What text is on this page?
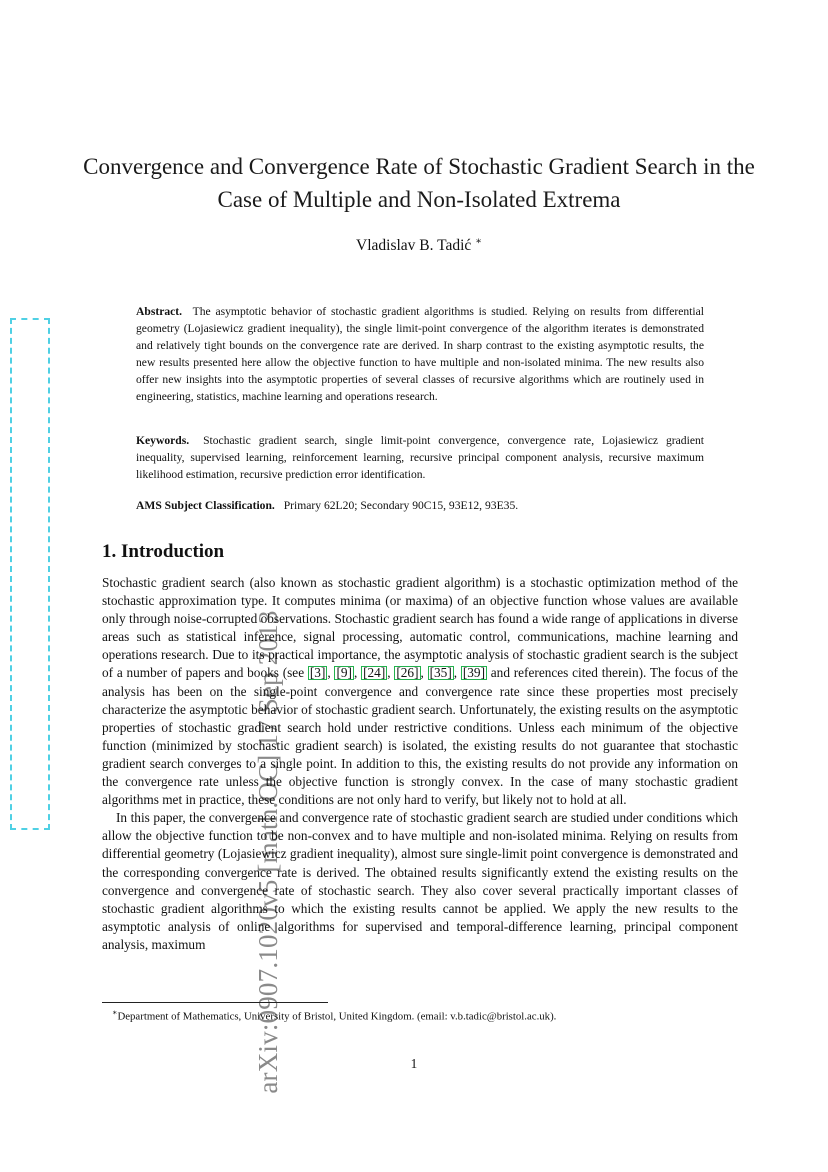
arXiv:0907.1020v5 [math.OC] 17 Sep 2013
Convergence and Convergence Rate of Stochastic Gradient Search in the Case of Multiple and Non-Isolated Extrema
Vladislav B. Tadić ∗
Abstract. The asymptotic behavior of stochastic gradient algorithms is studied. Relying on results from differential geometry (Lojasiewicz gradient inequality), the single limit-point convergence of the algorithm iterates is demonstrated and relatively tight bounds on the convergence rate are derived. In sharp contrast to the existing asymptotic results, the new results presented here allow the objective function to have multiple and non-isolated minima. The new results also offer new insights into the asymptotic properties of several classes of recursive algorithms which are routinely used in engineering, statistics, machine learning and operations research.
Keywords. Stochastic gradient search, single limit-point convergence, convergence rate, Lojasiewicz gradient inequality, supervised learning, reinforcement learning, recursive principal component analysis, recursive maximum likelihood estimation, recursive prediction error identification.
AMS Subject Classification. Primary 62L20; Secondary 90C15, 93E12, 93E35.
1. Introduction

Stochastic gradient search (also known as stochastic gradient algorithm) is a stochastic optimization method of the stochastic approximation type. It computes minima (or maxima) of an objective function whose values are available only through noise-corrupted observations. Stochastic gradient search has found a wide range of applications in diverse areas such as statistical inference, signal processing, automatic control, communications, machine learning and operations research. Due to its practical importance, the asymptotic analysis of stochastic gradient search is the subject of a number of papers and books (see [3] , [9] , [24] , [26] , [35] , [39] and references cited therein). The focus of the analysis has been on the single-point convergence and convergence rate since these properties most precisely characterize the asymptotic behavior of stochastic gradient search. Unfortunately, the existing results on the asymptotic properties of stochastic gradient search hold under restrictive conditions. Unless each minimum of the objective function (minimized by stochastic gradient search) is isolated, the existing results do not guarantee that stochastic gradient search converges to a single point. In addition to this, the existing results do not provide any information on the convergence rate unless the objective function is strongly convex. In the case of many stochastic gradient algorithms met in practice, these conditions are not only hard to verify, but likely not to hold at all.

In this paper, the convergence and convergence rate of stochastic gradient search are studied under conditions which allow the objective function to be non-convex and to have multiple and non-isolated minima. Relying on results from differential geometry (Lojasiewicz gradient inequality), almost sure single-limit point convergence is demonstrated and the corresponding convergence rate is derived. The obtained results significantly extend the existing results on the convergence and convergence rate of stochastic search. They also cover several practically important classes of stochastic gradient algorithms to which the existing results cannot be applied. We apply the new results to the asymptotic analysis of online algorithms for supervised and temporal-difference learning, principal component analysis, maximum

∗Department of Mathematics, University of Bristol, United Kingdom. (email: v.b.tadic@bristol.ac.uk).
1
